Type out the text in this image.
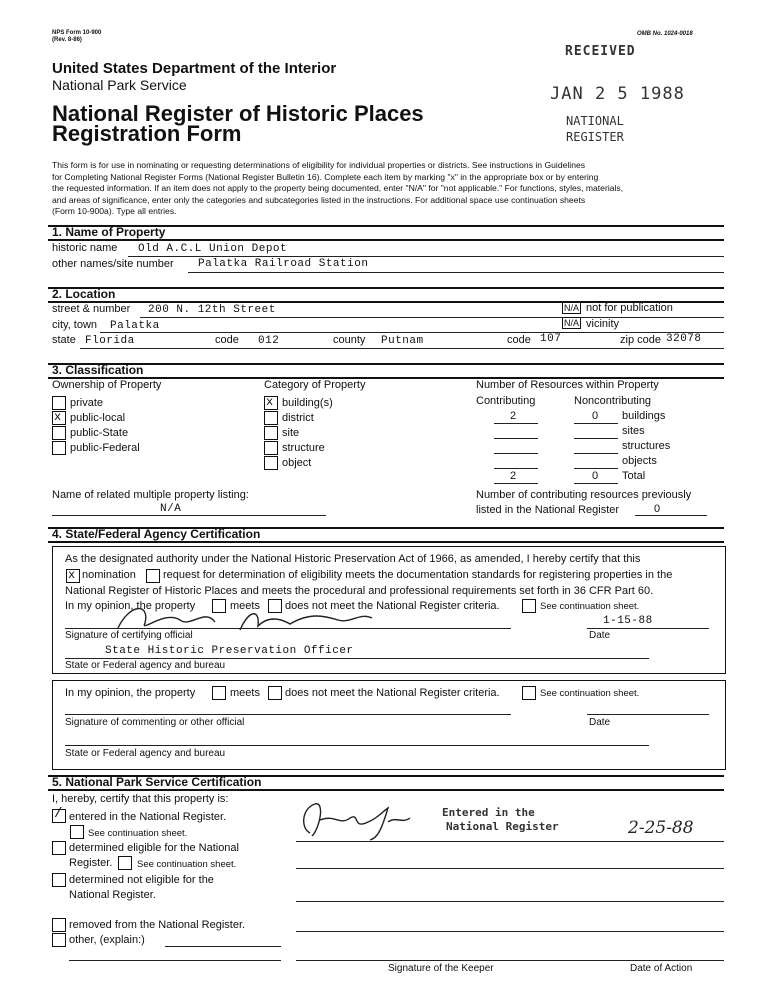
NPS Form 10-900
(Rev. 8-86)
OMB No. 1024-0018
RECEIVED
JAN 2 5 1988
NATIONAL
REGISTER
United States Department of the Interior
National Park Service
National Register of Historic Places
Registration Form
This form is for use in nominating or requesting determinations of eligibility for individual properties or districts. See instructions in Guidelines
for Completing National Register Forms (National Register Bulletin 16). Complete each item by marking "x" in the appropriate box or by entering
the requested information. If an item does not apply to the property being documented, enter "N/A" for "not applicable." For functions, styles, materials,
and areas of significance, enter only the categories and subcategories listed in the instructions. For additional space use continuation sheets
(Form 10-900a). Type all entries.
1. Name of Property
historic name Old A.C.L Union Depot
other names/site number Palatka Railroad Station
2. Location
street & number 200 N. 12th Street	N/A not for publication
city, town Palatka	N/A vicinity
state Florida	code 012	county Putnam	code 107	zip code 32078
3. Classification
Ownership of Property	Category of Property	Number of Resources within Property
Contributing	Noncontributing
private
x public-local
public-State
public-Federal
x building(s)
district
site
structure
object
2	0 buildings
sites
structures
objects
2	0 Total
Name of related multiple property listing:
N/A
Number of contributing resources previously
listed in the National Register	0
4. State/Federal Agency Certification
As the designated authority under the National Historic Preservation Act of 1966, as amended, I hereby certify that this
x nomination request for determination of eligibility meets the documentation standards for registering properties in the
National Register of Historic Places and meets the procedural and professional requirements set forth in 36 CFR Part 60.
In my opinion, the property	meets does not meet the National Register criteria.	See continuation sheet.
1-15-88
Signature of certifying official	Date
State Historic Preservation Officer
State or Federal agency and bureau
In my opinion, the property	meets does not meet the National Register criteria.	See continuation sheet.
Signature of commenting or other official	Date
State or Federal agency and bureau
5. National Park Service Certification
I, hereby, certify that this property is:
/ entered in the National Register.
See continuation sheet.
determined eligible for the National
Register.	See continuation sheet.
determined not eligible for the
National Register.
removed from the National Register.
other, (explain:)
Entered in the
National Register	2-25-88
Signature of the Keeper	Date of Action
